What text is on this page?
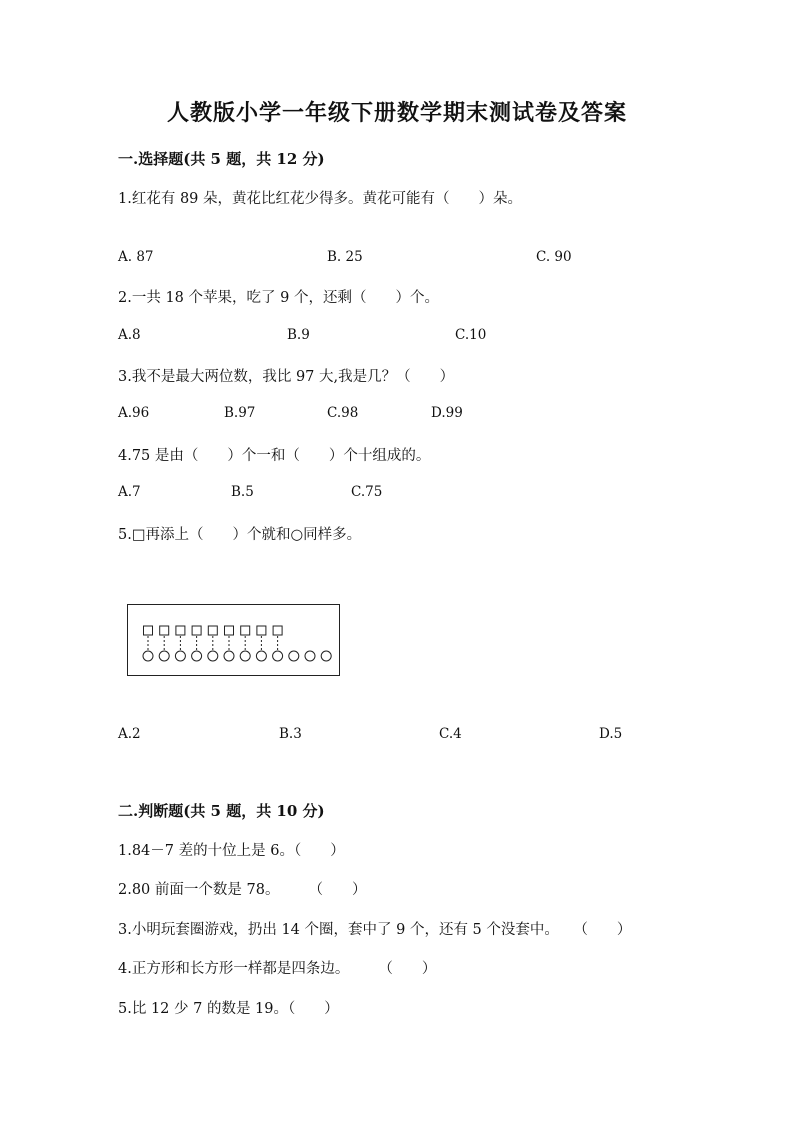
人教版小学一年级下册数学期末测试卷及答案
一.选择题(共 5 题，共 12 分)
1.红花有 89 朵，黄花比红花少得多。黄花可能有（　　）朵。
A. 87	B. 25	C. 90
2.一共 18 个苹果，吃了 9 个，还剩（　　）个。
A.8	B.9	C.10
3.我不是最大两位数，我比 97 大,我是几？（　　）
A.96	B.97	C.98	D.99
4.75 是由（　　）个一和（　　）个十组成的。
A.7	B.5	C.75
5.□再添上（　　）个就和○同样多。
A.2	B.3	C.4	D.5
二.判断题(共 5 题，共 10 分)
1.84－7 差的十位上是 6。（　　）
2.80 前面一个数是 78。　　　（　　）
3.小明玩套圈游戏，扔出 14 个圈，套中了 9 个，还有 5 个没套中。　　（　　）
4.正方形和长方形一样都是四条边。　　　（　　）
5.比 12 少 7 的数是 19。（　　）
